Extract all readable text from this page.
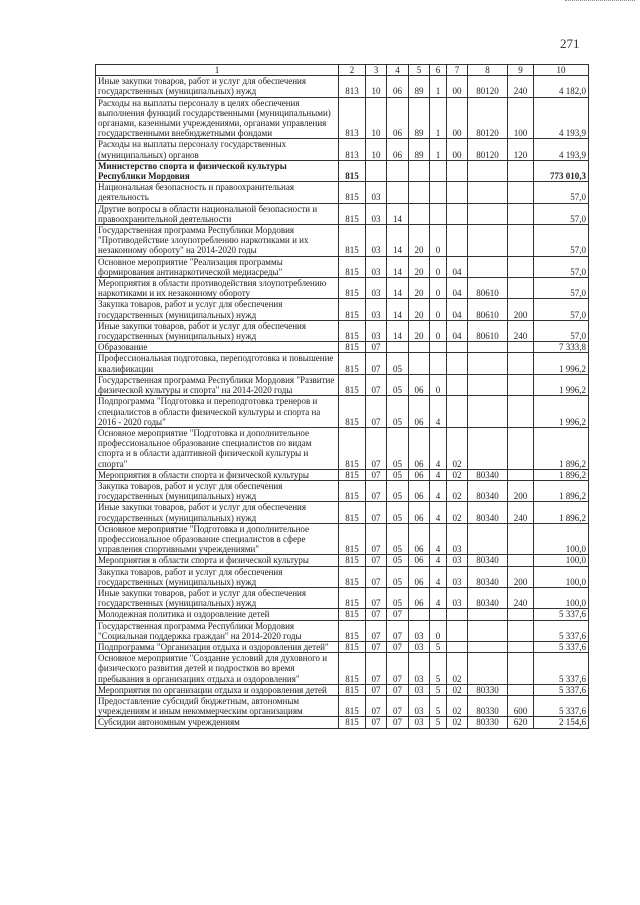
271
1	2	3	4	5	6	7	8	9	10
Иные закупки товаров, работ и услуг для обеспечения государственных (муниципальных) нужд	813	10	06	89	1	00	80120	240	4 182,0
Расходы на выплаты персоналу в целях обеспечения выполнения функций государственными (муниципальными) органами, казенными учреждениями, органами управления государственными внебюджетными фондами	813	10	06	89	1	00	80120	100	4 193,9
Расходы на выплаты персоналу государственных (муниципальных) органов	813	10	06	89	1	00	80120	120	4 193,9
Министерство спорта и физической культуры Республики Мордовия	815								773 010,3
Национальная безопасность и правоохранительная деятельность	815	03							57,0
Другие вопросы в области национальной безопасности и правоохранительной деятельности	815	03	14						57,0
Государственная программа Республики Мордовия "Противодействие злоупотреблению наркотиками и их незаконному обороту" на 2014-2020 годы	815	03	14	20	0				57,0
Основное мероприятие "Реализация программы формирования антинаркотической медиасреды"	815	03	14	20	0	04			57,0
Мероприятия в области противодействия злоупотреблению наркотиками и их незаконному обороту	815	03	14	20	0	04	80610		57,0
Закупка товаров, работ и услуг для обеспечения государственных (муниципальных) нужд	815	03	14	20	0	04	80610	200	57,0
Иные закупки товаров, работ и услуг для обеспечения государственных (муниципальных) нужд	815	03	14	20	0	04	80610	240	57,0
Образование	815	07							7 333,8
Профессиональная подготовка, переподготовка и повышение квалификации	815	07	05						1 996,2
Государственная программа Республики Мордовия "Развитие физической культуры и спорта" на 2014-2020 годы	815	07	05	06	0				1 996,2
Подпрограмма "Подготовка и переподготовка тренеров и специалистов в области физической культуры и спорта на 2016 - 2020 годы"	815	07	05	06	4				1 996,2
Основное мероприятие "Подготовка и дополнительное профессиональное образование специалистов по видам спорта и в области адаптивной физической культуры и спорта"	815	07	05	06	4	02			1 896,2
Мероприятия в области спорта и физической культуры	815	07	05	06	4	02	80340		1 896,2
Закупка товаров, работ и услуг для обеспечения государственных (муниципальных) нужд	815	07	05	06	4	02	80340	200	1 896,2
Иные закупки товаров, работ и услуг для обеспечения государственных (муниципальных) нужд	815	07	05	06	4	02	80340	240	1 896,2
Основное мероприятие "Подготовка и дополнительное профессиональное образование специалистов в сфере управления спортивными учреждениями"	815	07	05	06	4	03			100,0
Мероприятия в области спорта и физической культуры	815	07	05	06	4	03	80340		100,0
Закупка товаров, работ и услуг для обеспечения государственных (муниципальных) нужд	815	07	05	06	4	03	80340	200	100,0
Иные закупки товаров, работ и услуг для обеспечения государственных (муниципальных) нужд	815	07	05	06	4	03	80340	240	100,0
Молодежная политика и оздоровление детей	815	07	07						5 337,6
Государственная программа Республики Мордовия "Социальная поддержка граждан" на 2014-2020 годы	815	07	07	03	0				5 337,6
Подпрограмма "Организация отдыха и оздоровления детей"	815	07	07	03	5				5 337,6
Основное мероприятие "Создание условий для духовного и физического развития детей и подростков во время пребывания в организациях отдыха и оздоровления"	815	07	07	03	5	02			5 337,6
Мероприятия по организации отдыха и оздоровления детей	815	07	07	03	5	02	80330		5 337,6
Предоставление субсидий бюджетным, автономным учреждениям и иным некоммерческим организациям	815	07	07	03	5	02	80330	600	5 337,6
Субсидии автономным учреждениям	815	07	07	03	5	02	80330	620	2 154,6
